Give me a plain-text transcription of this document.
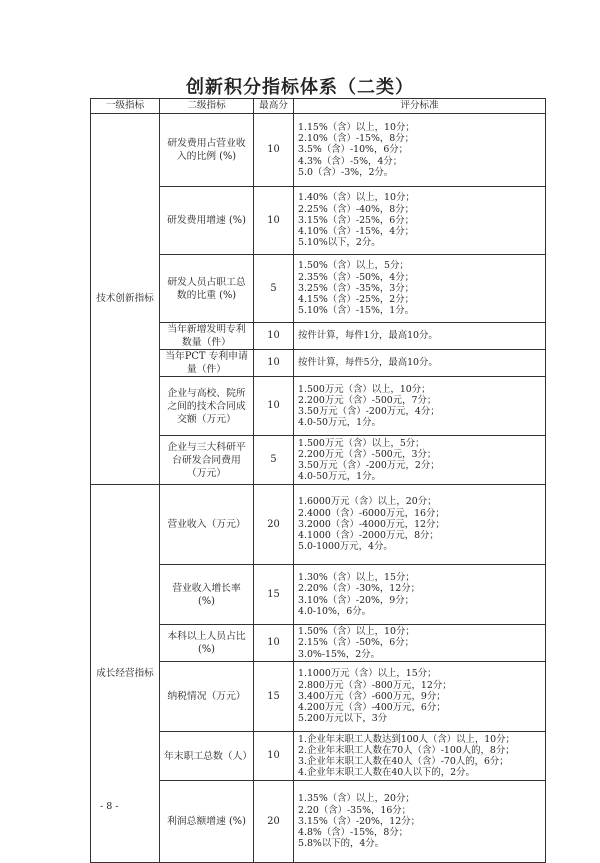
创新积分指标体系（二类）
一级指标	二级指标	最高分	评分标准
技术创新指标	研发费用占营业收入的比例 (%)	10	1.15%（含）以上，10分；
2.10%（含）-15%，8分；
3.5%（含）-10%，6分；
4.3%（含）-5%，4分；
5.0（含）-3%，2分。

	研发费用增速 (%)	10	1.40%（含）以上，10分；
2.25%（含）-40%，8分；
3.15%（含）-25%，6分；
4.10%（含）-15%，4分；
5.10%以下，2分。

	研发人员占职工总数的比重 (%)	5	1.50%（含）以上，5分；
2.35%（含）-50%，4分；
3.25%（含）-35%，3分；
4.15%（含）-25%，2分；
5.10%（含）-15%，1分。

	当年新增发明专利数量（件）	10	按件计算，每件1分，最高10分。

	当年PCT 专利申请量（件）	10	按件计算，每件5分，最高10分。

	企业与高校、院所之间的技术合同成交额（万元）	10	1.500万元（含）以上，10分；
2.200万元（含）-500元，7分；
3.50万元（含）-200万元，4分；
4.0-50万元，1分。

	企业与三大科研平台研发合同费用（万元）	5	1.500万元（含）以上，5分；
2.200万元（含）-500元，3分；
3.50万元（含）-200万元，2分；
4.0-50万元，1分。

成长经营指标	营业收入（万元）	20	1.6000万元（含）以上，20分；
2.4000（含）-6000万元，16分；
3.2000（含）-4000万元，12分；
4.1000（含）-2000万元，8分；
5.0-1000万元，4分。

	营业收入增长率 (%)	15	1.30%（含）以上，15分；
2.20%（含）-30%，12分；
3.10%（含）-20%，9分；
4.0-10%，6分。

	本科以上人员占比 (%)	10	1.50%（含）以上，10分；
2.15%（含）-50%，6分；
3.0%-15%，2分。

	纳税情况（万元）	15	1.1000万元（含）以上，15分；
2.800万元（含）-800万元，12分；
3.400万元（含）-600万元，9分；
4.200万元（含）-400万元，6分；
5.200万元以下，3分

	年末职工总数（人）	10	1.企业年末职工人数达到100人（含）以上，10分；
2.企业年末职工人数在70人（含）-100人的，8分；
3.企业年末职工人数在40人（含）-70人的，6分；
4.企业年末职工人数在40人以下的，2分。

	利润总额增速 (%)	20	1.35%（含）以上，20分；
2.20（含）-35%，16分；
3.15%（含）-20%，12分；
4.8%（含）-15%，8分；
5.8%以下的，4分。
- 8 -
